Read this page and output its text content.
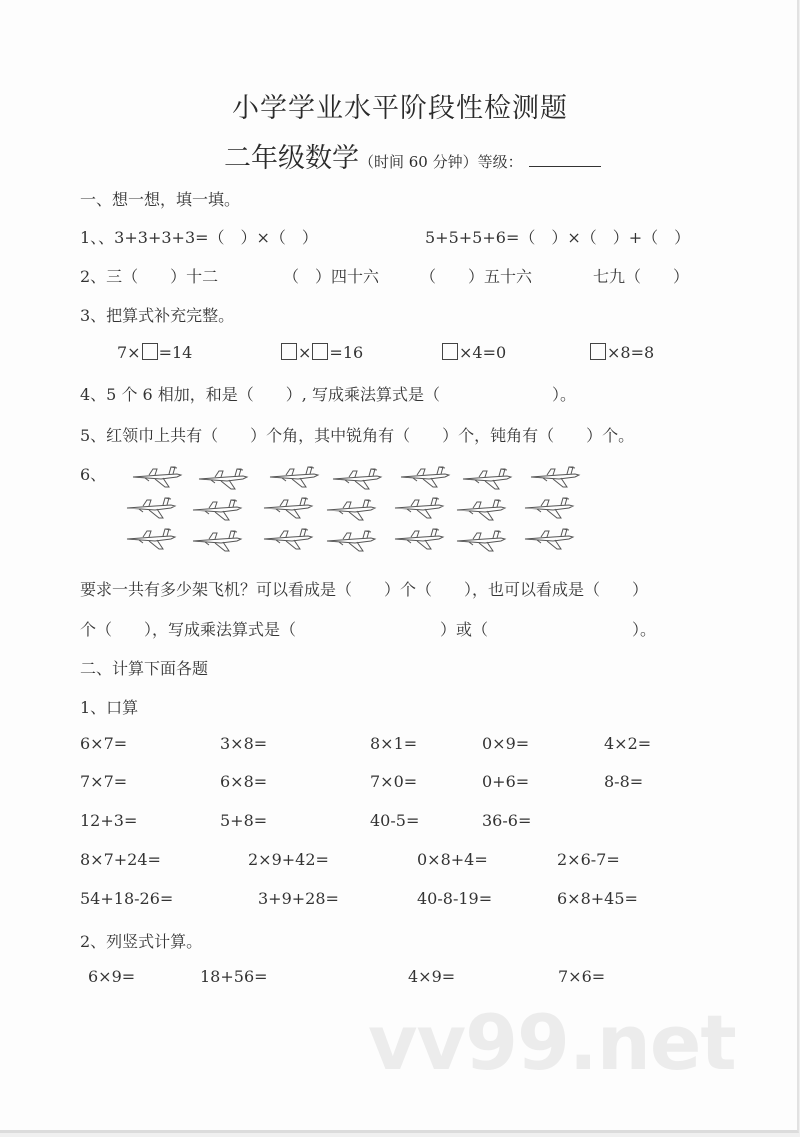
小学学业水平阶段性检测题
二年级数学（时间 60 分钟）等级：
一、想一想，填一填。
1、、3+3+3+3=（　）×（　）	5+5+5+6=（　）×（　）+（　）
2、三（　　）十二	（　）四十六	（　　）五十六	七九（　　）
3、把算式补充完整。
7× =14	× =16	×4=0	×8=8
4、5 个 6 相加，和是（　　）, 写成乘法算式是（　　　　　　　）。
5、红领巾上共有（　　）个角，其中锐角有（　　）个，钝角有（　　）个。
6、
要求一共有多少架飞机？可以看成是（　　）个（　　），也可以看成是（　　）
个（　　），写成乘法算式是（　　　　　　　　　）或（　　　　　　　　　）。
二、计算下面各题
1、口算
6×7=	3×8=	8×1=	0×9=	4×2=
7×7=	6×8=	7×0=	0+6=	8-8=
12+3=	5+8=	40-5=	36-6=
8×7+24=	2×9+42=	0×8+4=	2×6-7=
54+18-26=	3+9+28=	40-8-19=	6×8+45=
2、列竖式计算。
6×9=	18+56=	4×9=	7×6=
vv99.net
